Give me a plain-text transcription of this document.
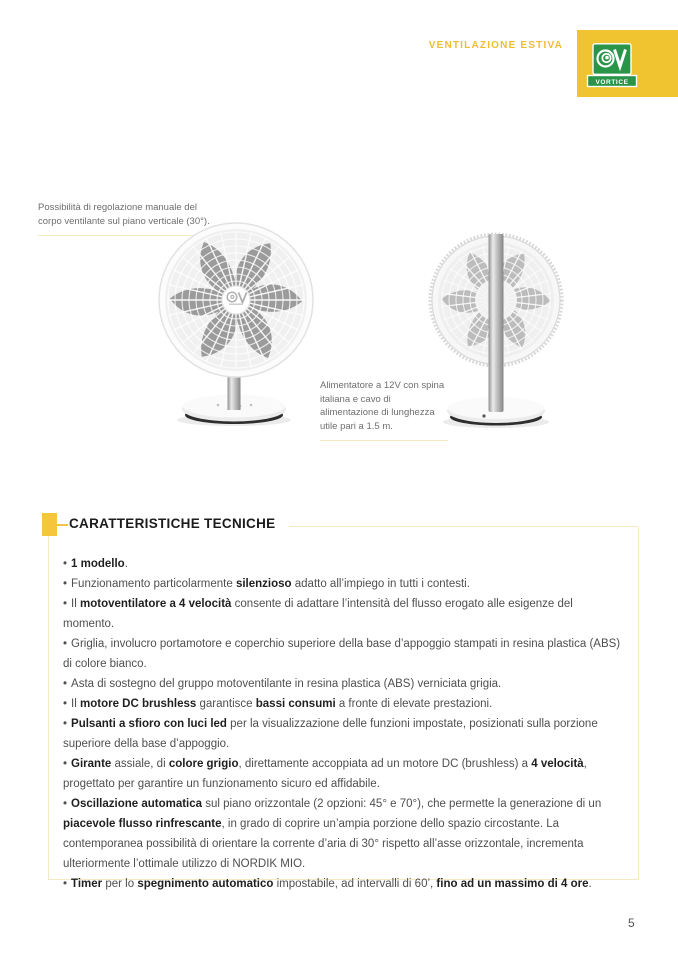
VENTILAZIONE ESTIVA
VORTICE
Possibilità di regolazione manuale del corpo ventilante sul piano verticale (30°).
Alimentatore a 12V con spina italiana e cavo di alimentazione di lunghezza utile pari a 1.5 m.
CARATTERISTICHE TECNICHE
• 1 modello.
• Funzionamento particolarmente silenzioso adatto all’impiego in tutti i contesti.
• Il motoventilatore a 4 velocità consente di adattare l’intensità del flusso erogato alle esigenze del momento.
• Griglia, involucro portamotore e coperchio superiore della base d’appoggio stampati in resina plastica (ABS) di colore bianco.
• Asta di sostegno del gruppo motoventilante in resina plastica (ABS) verniciata grigia.
• Il motore DC brushless garantisce bassi consumi a fronte di elevate prestazioni.
• Pulsanti a sfioro con luci led per la visualizzazione delle funzioni impostate, posizionati sulla porzione superiore della base d’appoggio.
• Girante assiale, di colore grigio, direttamente accoppiata ad un motore DC (brushless) a 4 velocità, progettato per garantire un funzionamento sicuro ed affidabile.
• Oscillazione automatica sul piano orizzontale (2 opzioni: 45° e 70°), che permette la generazione di un piacevole flusso rinfrescante, in grado di coprire un’ampia porzione dello spazio circostante. La contemporanea possibilità di orientare la corrente d’aria di 30° rispetto all’asse orizzontale, incrementa ulteriormente l’ottimale utilizzo di NORDIK MIO.
• Timer per lo spegnimento automatico impostabile, ad intervalli di 60’, fino ad un massimo di 4 ore.
5
